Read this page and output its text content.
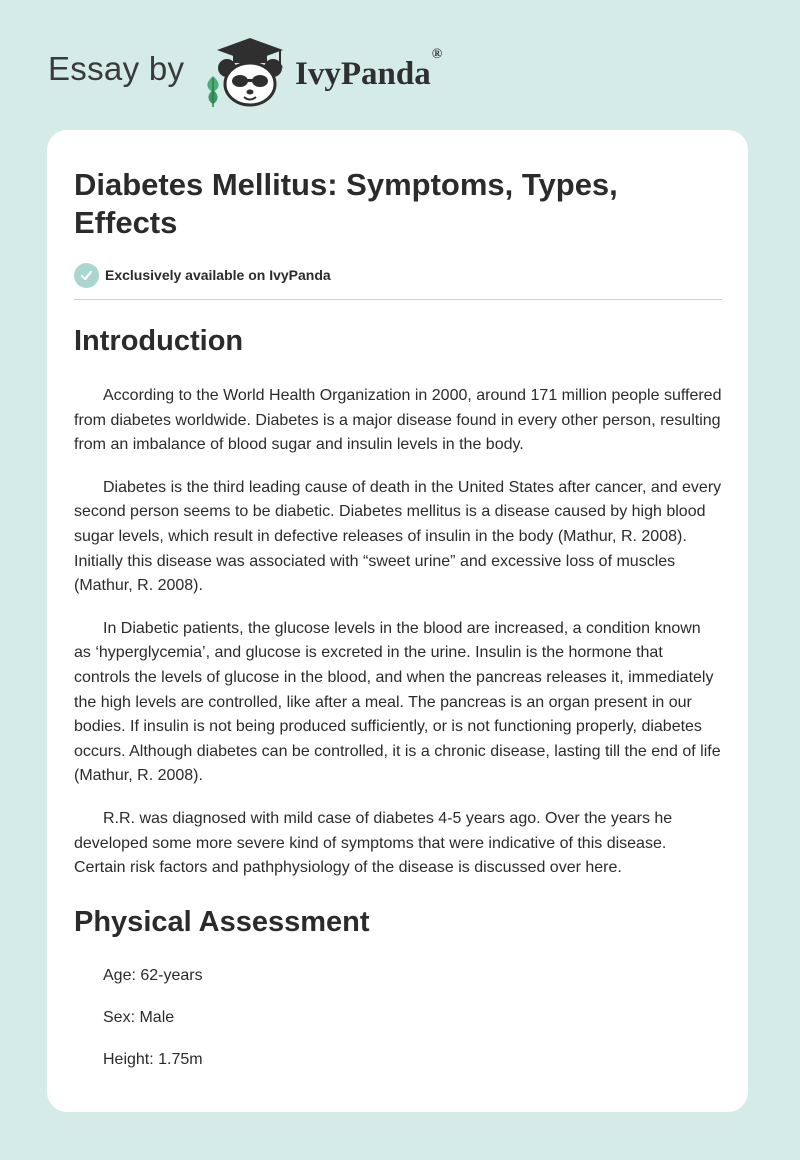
Essay by	IvyPanda®
Diabetes Mellitus: Symptoms, Types, Effects
Exclusively available on IvyPanda
Introduction

According to the World Health Organization in 2000, around 171 million people suffered from diabetes worldwide. Diabetes is a major disease found in every other person, resulting from an imbalance of blood sugar and insulin levels in the body.

Diabetes is the third leading cause of death in the United States after cancer, and every second person seems to be diabetic. Diabetes mellitus is a disease caused by high blood sugar levels, which result in defective releases of insulin in the body (Mathur, R. 2008). Initially this disease was associated with “sweet urine” and excessive loss of muscles (Mathur, R. 2008).

In Diabetic patients, the glucose levels in the blood are increased, a condition known as ‘hyperglycemia’, and glucose is excreted in the urine. Insulin is the hormone that controls the levels of glucose in the blood, and when the pancreas releases it, immediately the high levels are controlled, like after a meal. The pancreas is an organ present in our bodies. If insulin is not being produced sufficiently, or is not functioning properly, diabetes occurs. Although diabetes can be controlled, it is a chronic disease, lasting till the end of life (Mathur, R. 2008).

R.R. was diagnosed with mild case of diabetes 4-5 years ago. Over the years he developed some more severe kind of symptoms that were indicative of this disease. Certain risk factors and pathphysiology of the disease is discussed over here.

Physical Assessment

Age: 62-years

Sex: Male

Height: 1.75m
